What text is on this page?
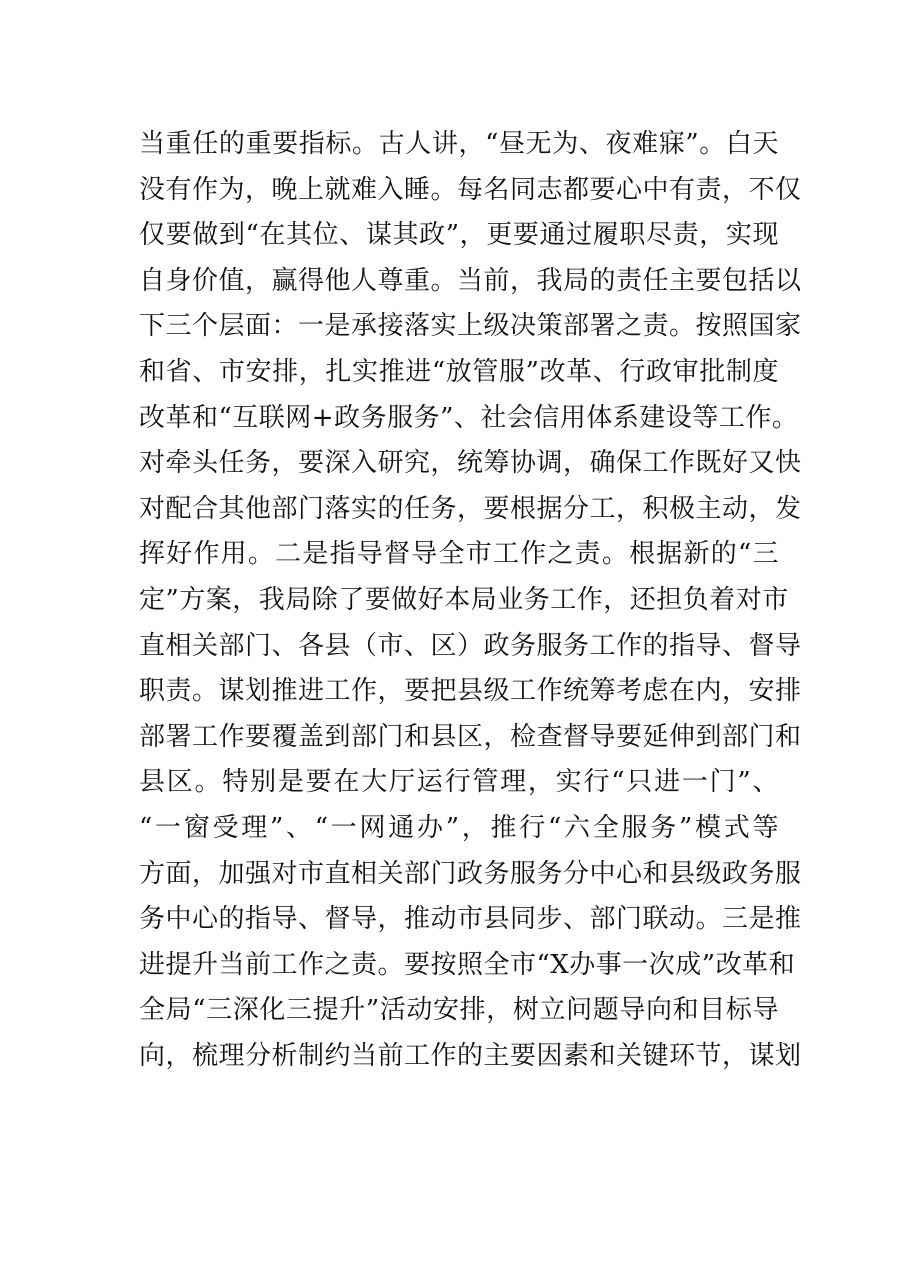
当重任的重要指标。古人讲，“昼无为、夜难寐”。白天
没有作为，晚上就难入睡。每名同志都要心中有责，不仅
仅要做到“在其位、谋其政”，更要通过履职尽责，实现
自身价值，赢得他人尊重。当前，我局的责任主要包括以
下三个层面：一是承接落实上级决策部署之责。按照国家
和省、市安排，扎实推进“放管服”改革、行政审批制度
改革和“互联网+政务服务”、社会信用体系建设等工作。
对牵头任务，要深入研究，统筹协调，确保工作既好又快
对配合其他部门落实的任务，要根据分工，积极主动，发
挥好作用。二是指导督导全市工作之责。根据新的“三
定”方案，我局除了要做好本局业务工作，还担负着对市
直相关部门、各县（市、区）政务服务工作的指导、督导
职责。谋划推进工作，要把县级工作统筹考虑在内，安排
部署工作要覆盖到部门和县区，检查督导要延伸到部门和
县区。特别是要在大厅运行管理，实行“只进一门”、
“一窗受理”、“一网通办”，推行“六全服务”模式等
方面，加强对市直相关部门政务服务分中心和县级政务服
务中心的指导、督导，推动市县同步、部门联动。三是推
进提升当前工作之责。要按照全市“X办事一次成”改革和
全局“三深化三提升”活动安排，树立问题导向和目标导
向，梳理分析制约当前工作的主要因素和关键环节，谋划
